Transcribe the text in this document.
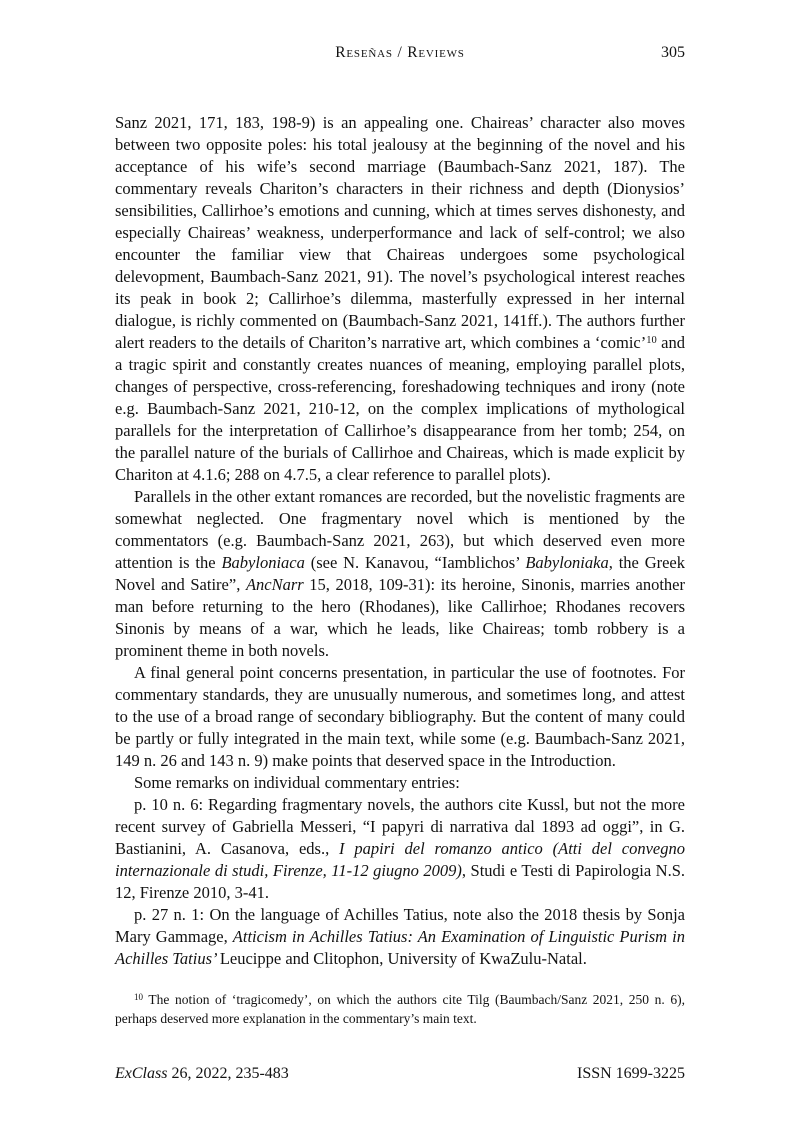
Reseñas / Reviews	305

Sanz 2021, 171, 183, 198-9) is an appealing one. Chaireas’ character also moves between two opposite poles: his total jealousy at the beginning of the novel and his acceptance of his wife’s second marriage (Baumbach-Sanz 2021, 187). The commentary reveals Chariton’s characters in their richness and depth (Dionysios’ sensibilities, Callirhoe’s emotions and cunning, which at times serves dishonesty, and especially Chaireas’ weakness, underperformance and lack of self-control; we also encounter the familiar view that Chaireas undergoes some psychological delevopment, Baumbach-Sanz 2021, 91). The novel’s psychological interest reaches its peak in book 2; Callirhoe’s dilemma, masterfully expressed in her internal dialogue, is richly commented on (Baumbach-Sanz 2021, 141ff.). The authors further alert readers to the details of Chariton’s narrative art, which combines a ‘comic’$^{10}$ and a tragic spirit and constantly creates nuances of meaning, employing parallel plots, changes of perspective, cross-referencing, foreshadowing techniques and irony (note e.g. Baumbach-Sanz 2021, 210-12, on the complex implications of mythological parallels for the interpretation of Callirhoe’s disappearance from her tomb; 254, on the parallel nature of the burials of Callirhoe and Chaireas, which is made explicit by Chariton at 4.1.6; 288 on 4.7.5, a clear reference to parallel plots).

Parallels in the other extant romances are recorded, but the novelistic fragments are somewhat neglected. One fragmentary novel which is mentioned by the commentators (e.g. Baumbach-Sanz 2021, 263), but which deserved even more attention is the Babyloniaca (see N. Kanavou, “Iamblichos’ Babyloniaka, the Greek Novel and Satire”, AncNarr 15, 2018, 109-31): its heroine, Sinonis, marries another man before returning to the hero (Rhodanes), like Callirhoe; Rhodanes recovers Sinonis by means of a war, which he leads, like Chaireas; tomb robbery is a prominent theme in both novels.

A final general point concerns presentation, in particular the use of footnotes. For commentary standards, they are unusually numerous, and sometimes long, and attest to the use of a broad range of secondary bibliography. But the content of many could be partly or fully integrated in the main text, while some (e.g. Baumbach-Sanz 2021, 149 n. 26 and 143 n. 9) make points that deserved space in the Introduction.

Some remarks on individual commentary entries:

p. 10 n. 6: Regarding fragmentary novels, the authors cite Kussl, but not the more recent survey of Gabriella Messeri, “I papyri di narrativa dal 1893 ad oggi”, in G. Bastianini, A. Casanova, eds., I papiri del romanzo antico (Atti del convegno internazionale di studi, Firenze, 11-12 giugno 2009), Studi e Testi di Papirologia N.S. 12, Firenze 2010, 3-41.

p. 27 n. 1: On the language of Achilles Tatius, note also the 2018 thesis by Sonja Mary Gammage, Atticism in Achilles Tatius: An Examination of Linguistic Purism in Achilles Tatius’ Leucippe and Clitophon, University of KwaZulu-Natal.

$^{10}$ The notion of ‘tragicomedy’, on which the authors cite Tilg (Baumbach/Sanz 2021, 250 n. 6), perhaps deserved more explanation in the commentary’s main text.

ExClass 26, 2022, 235-483	ISSN 1699-3225
